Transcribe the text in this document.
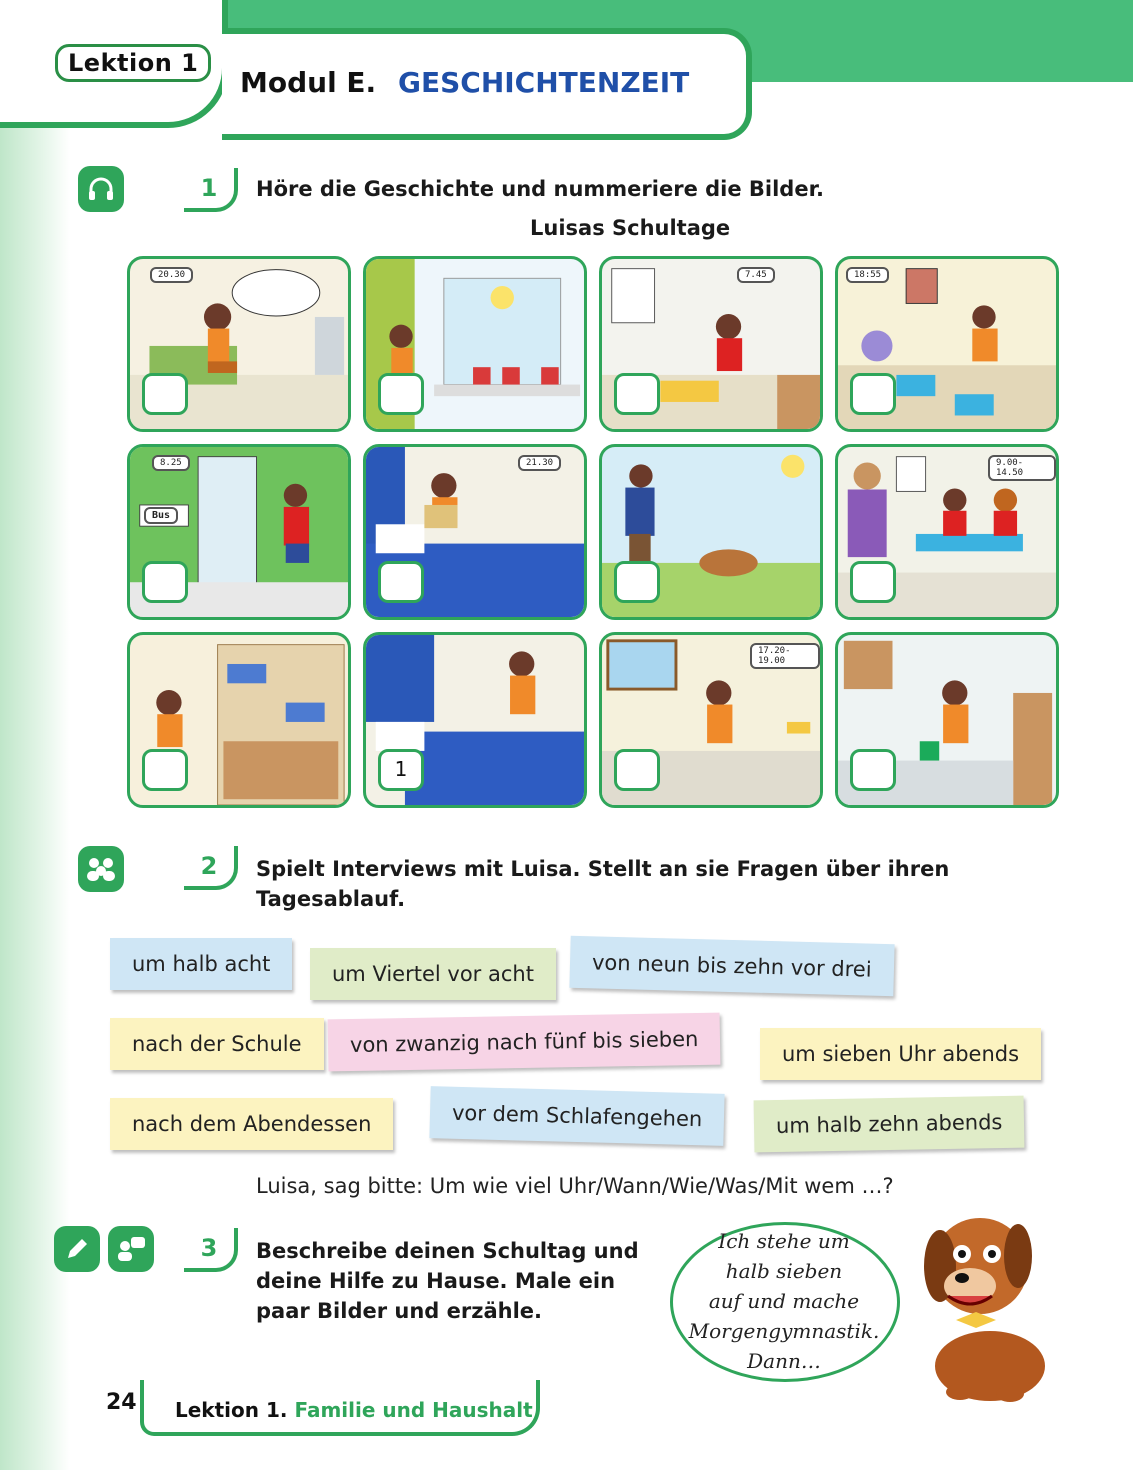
Lektion 1
Modul E. GESCHICHTENZEIT
1	Höre die Geschichte und nummeriere die Bilder.
Luisas Schultage
20.30	7.45	18:55
8.25
Bus
21.30	9.00-14.50
1
17.20-19.00
2	Spielt Interviews mit Luisa. Stellt an sie Fragen über ihren
Tagesablauf.
um halb acht	um Viertel vor acht	von neun bis zehn vor drei
nach der Schule	von zwanzig nach fünf bis sieben	um sieben Uhr abends
nach dem Abendessen	vor dem Schlafengehen	um halb zehn abends
Luisa, sag bitte: Um wie viel Uhr/Wann/Wie/Was/Mit wem …?
3	Beschreibe deinen Schultag und
deine Hilfe zu Hause. Male ein
paar Bilder und erzähle.
Ich stehe um
halb sieben
auf und mache
Morgengymnastik.
Dann…
24 Lektion 1. Familie und Haushalt
